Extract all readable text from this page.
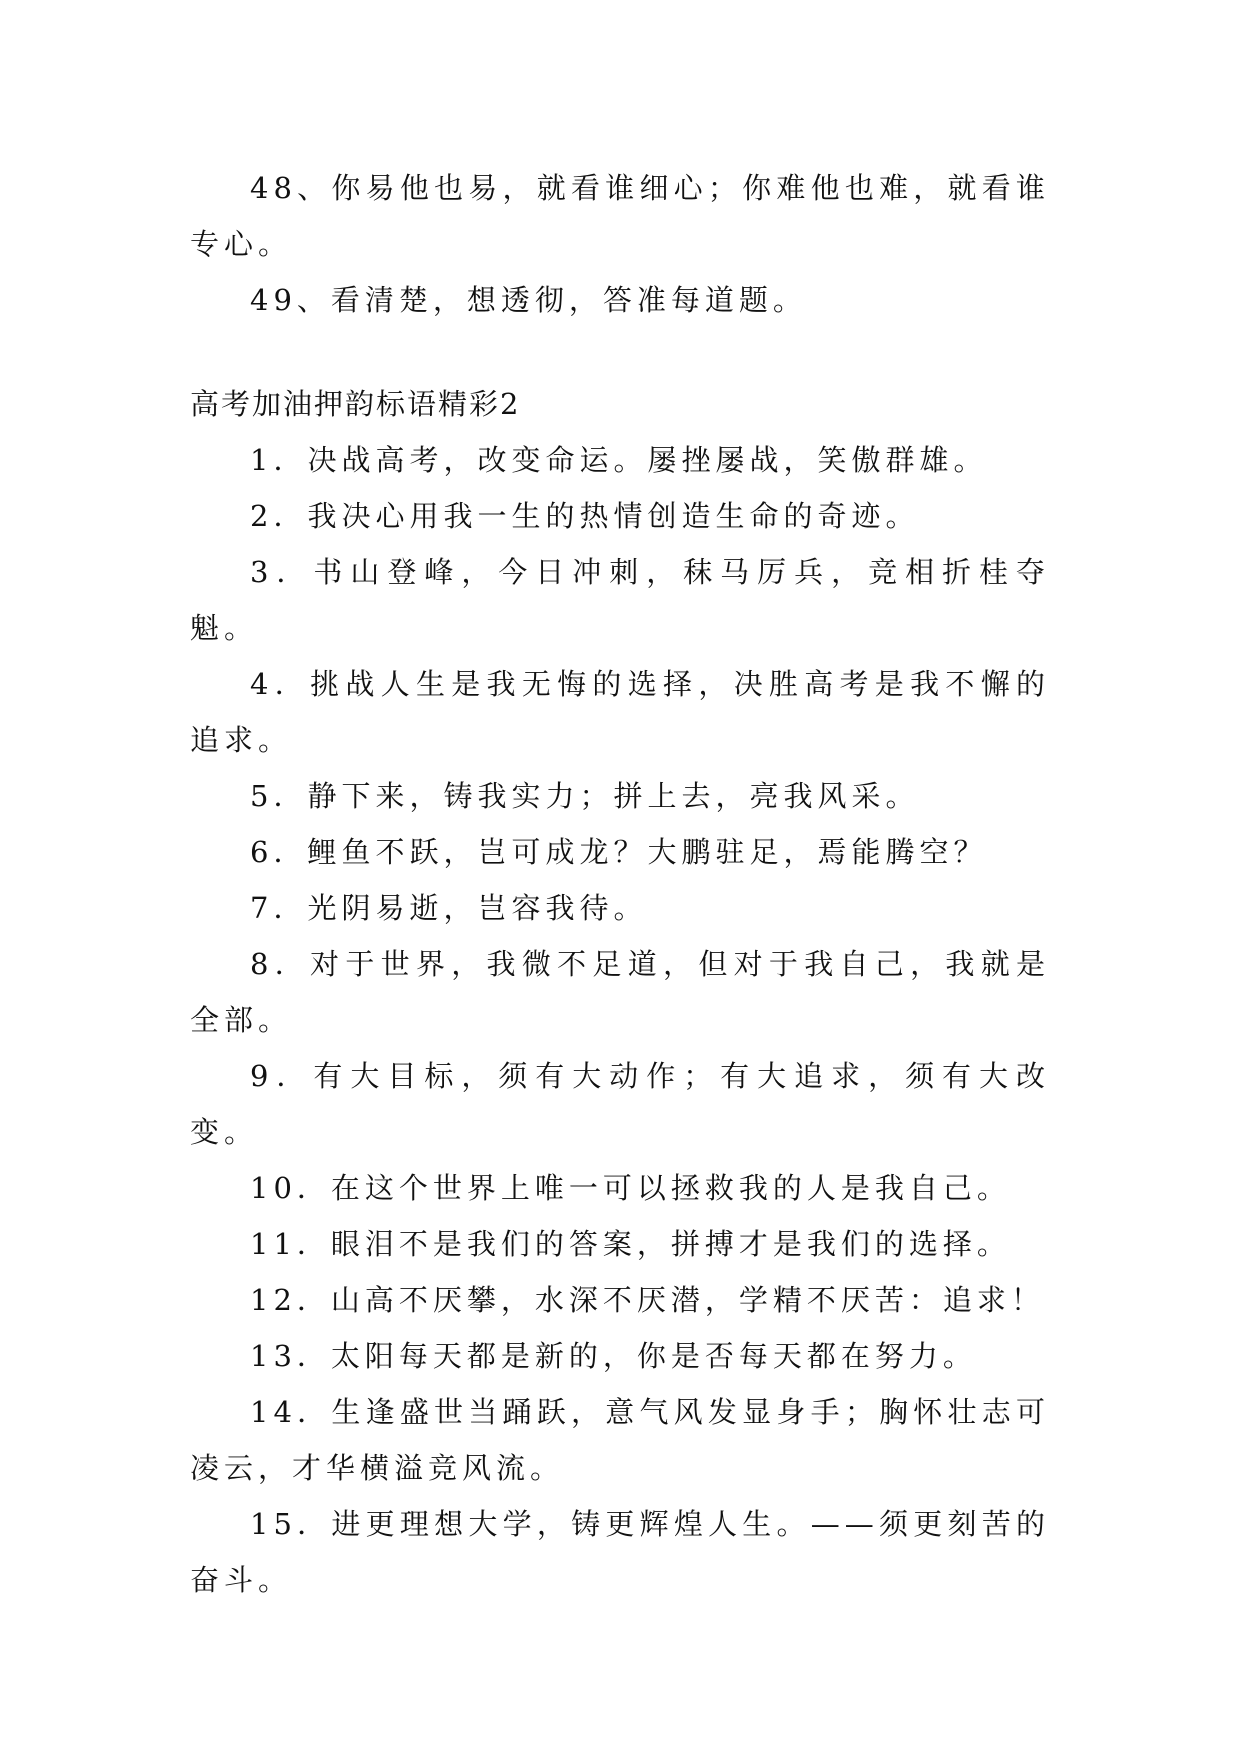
48、你易他也易，就看谁细心；你难他也难，就看谁专心。

49、看清楚，想透彻，答准每道题。

高考加油押韵标语精彩2

1．决战高考，改变命运。屡挫屡战，笑傲群雄。

2．我决心用我一生的热情创造生命的奇迹。

3．书山登峰，今日冲刺，秣马厉兵，竞相折桂夺魁。

4．挑战人生是我无悔的选择，决胜高考是我不懈的追求。

5．静下来，铸我实力；拼上去，亮我风采。

6．鲤鱼不跃，岂可成龙？大鹏驻足，焉能腾空？

7．光阴易逝，岂容我待。

8．对于世界，我微不足道，但对于我自己，我就是全部。

9．有大目标，须有大动作；有大追求，须有大改变。

10．在这个世界上唯一可以拯救我的人是我自己。

11．眼泪不是我们的答案，拼搏才是我们的选择。

12．山高不厌攀，水深不厌潜，学精不厌苦：追求！

13．太阳每天都是新的，你是否每天都在努力。

14．生逢盛世当踊跃，意气风发显身手；胸怀壮志可凌云，才华横溢竞风流。

15．进更理想大学，铸更辉煌人生。——须更刻苦的奋斗。
